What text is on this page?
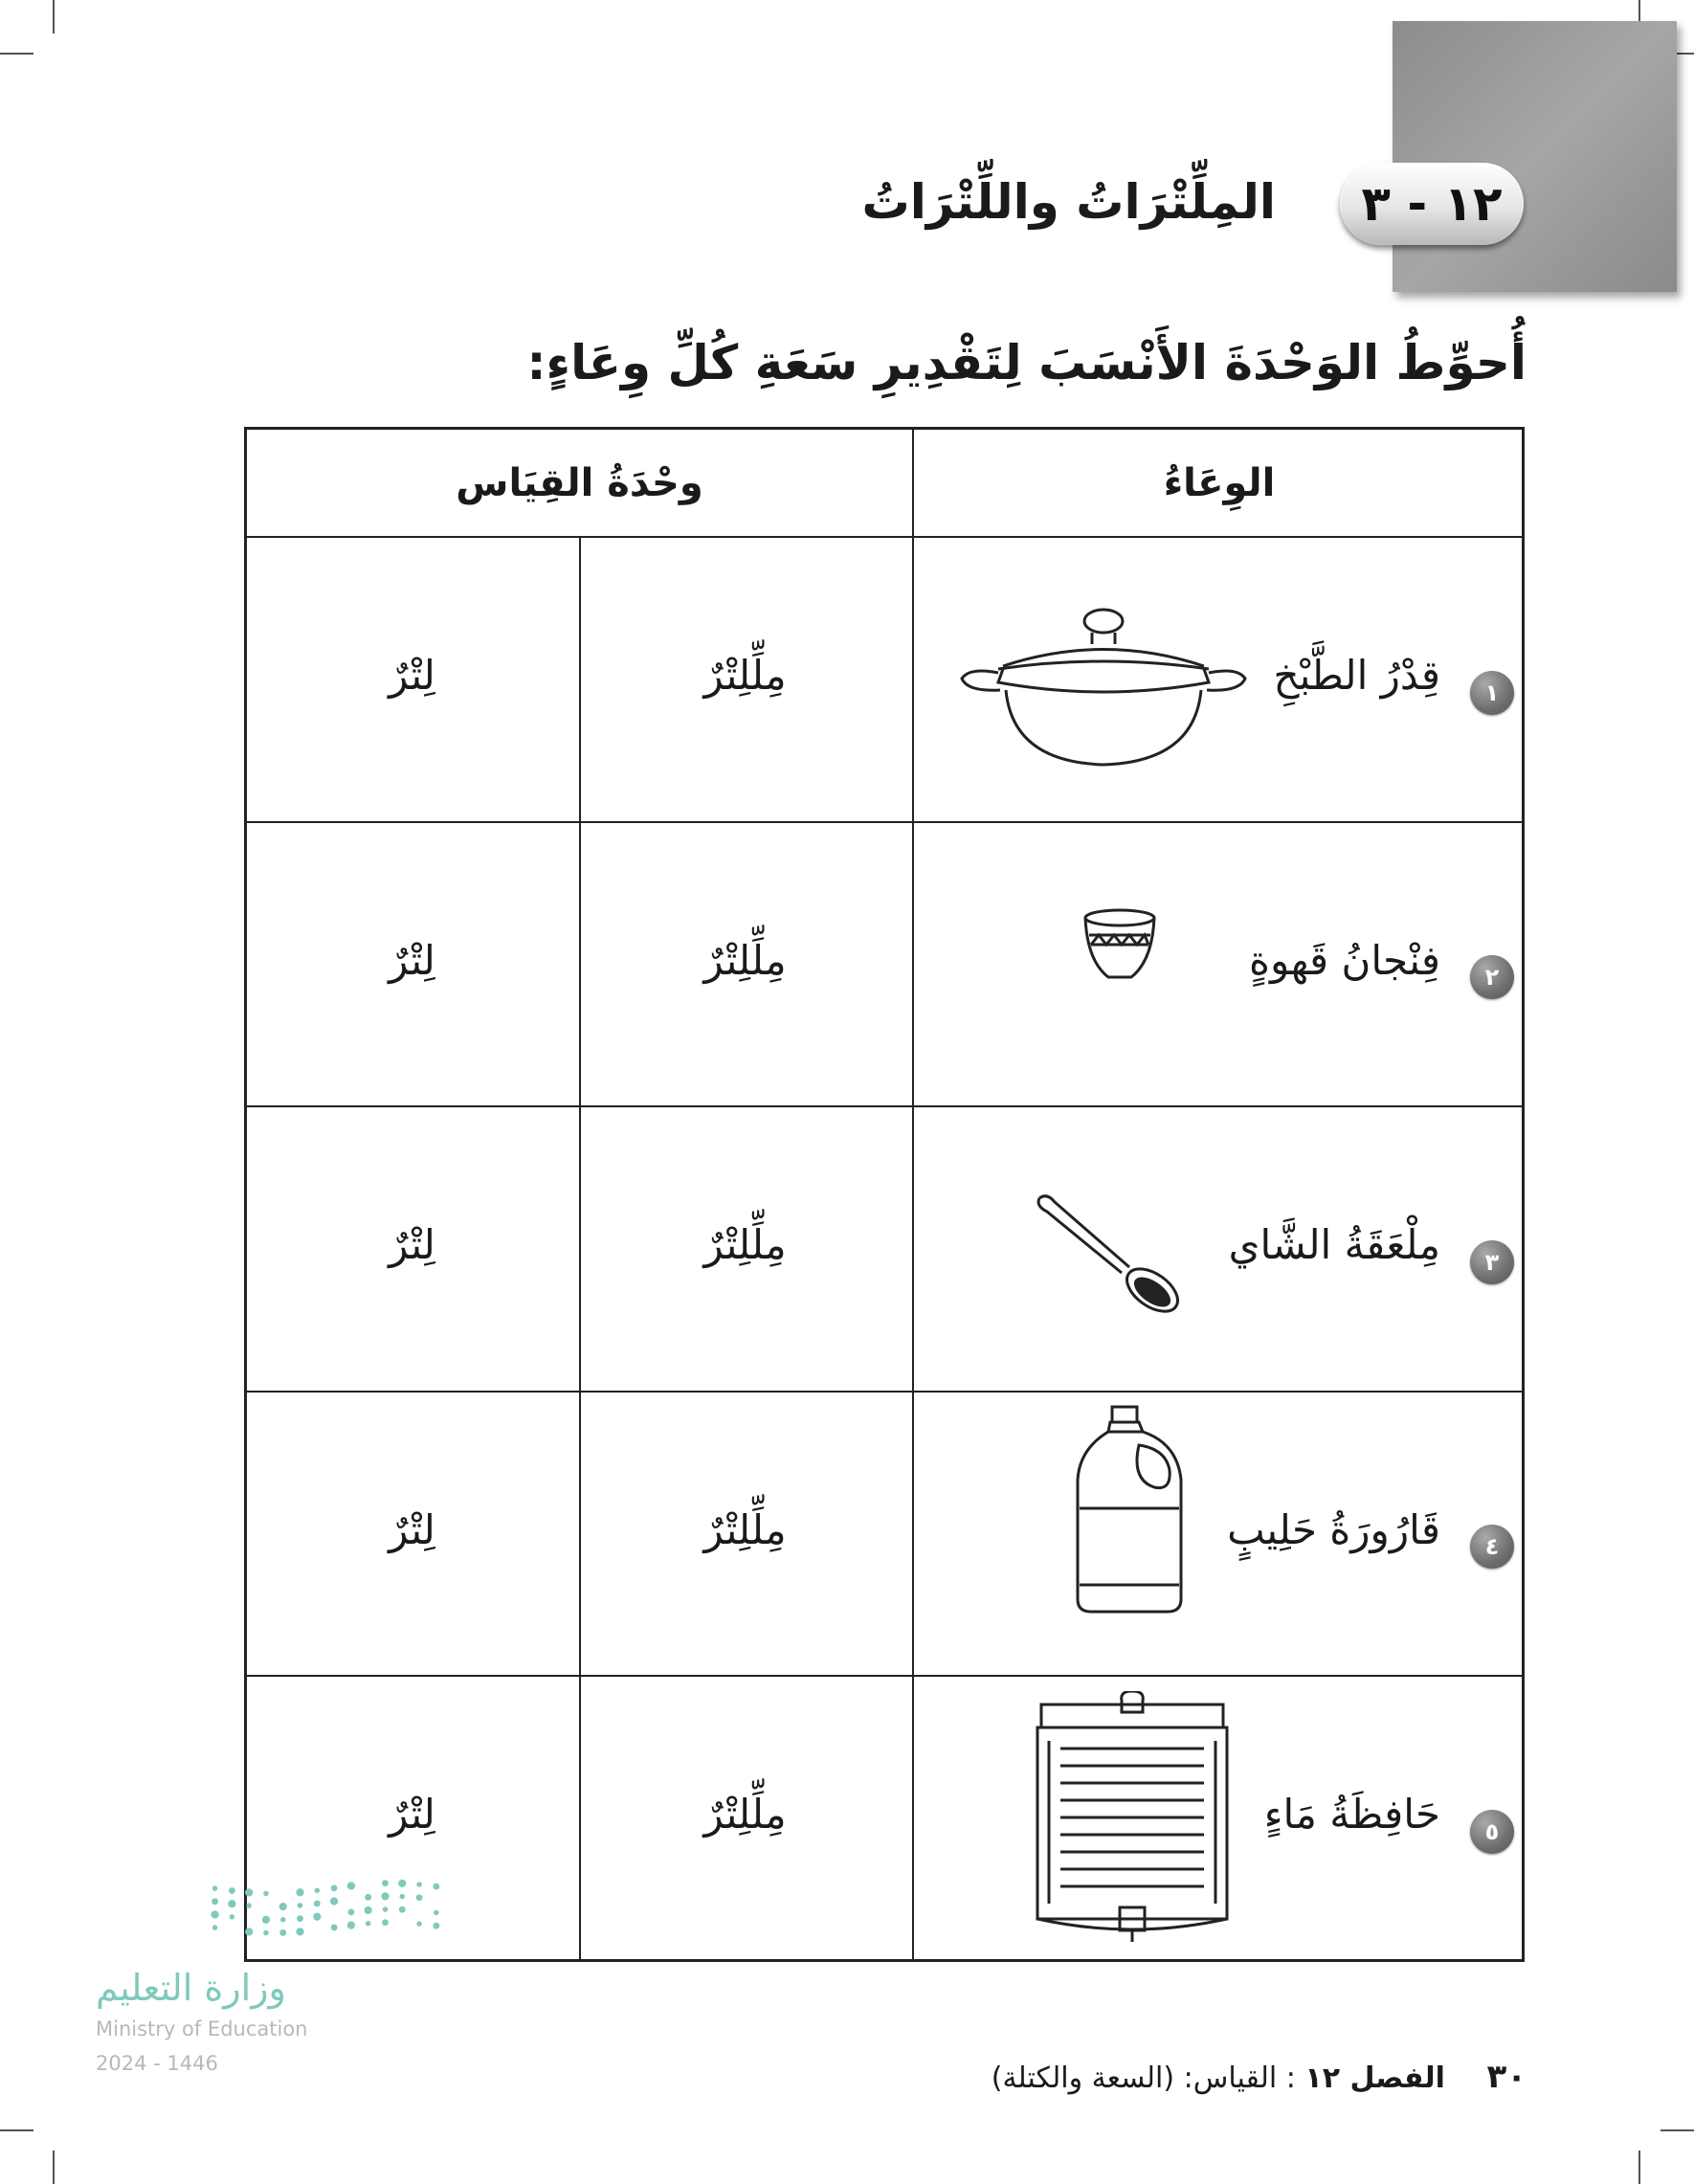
١٢ - ٣
المِلِّتْرَاتُ واللِّتْرَاتُ
أُحوِّطُ الوَحْدَةَ الأَنْسَبَ لِتَقْدِيرِ سَعَةِ كُلِّ وِعَاءٍ:
الوِعَاءُ
وحْدَةُ القِيَاس
١
قِدْرُ الطَّبْخِ
مِلِّلِتْرٌ
لِتْرٌ
٢
فِنْجانُ قَهوةٍ
مِلِّلِتْرٌ
لِتْرٌ
٣
مِلْعَقَةُ الشَّاي
مِلِّلِتْرٌ
لِتْرٌ
٤
قَارُورَةُ حَلِيبٍ
مِلِّلِتْرٌ
لِتْرٌ
٥
حَافِظَةُ مَاءٍ
مِلِّلِتْرٌ
لِتْرٌ
وزارة التعليم
Ministry of Education
2024 - 1446	٣٠ الفصل ١٢ : القياس: (السعة والكتلة)
